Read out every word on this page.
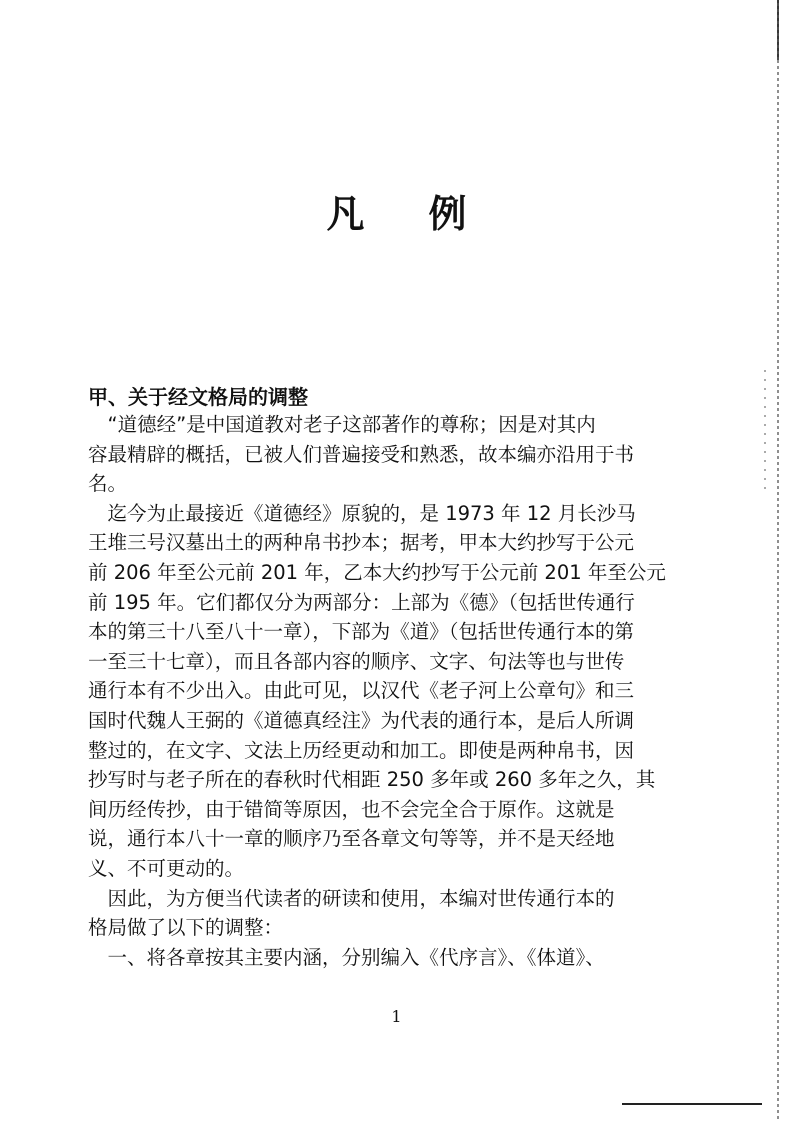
凡 例
甲、关于经文格局的调整
　“道德经”是中国道教对老子这部著作的尊称；因是对其内
容最精辟的概括，已被人们普遍接受和熟悉，故本编亦沿用于书
名。
　迄今为止最接近《道德经》原貌的，是 1973 年 12 月长沙马
王堆三号汉墓出土的两种帛书抄本；据考，甲本大约抄写于公元
前 206 年至公元前 201 年，乙本大约抄写于公元前 201 年至公元
前 195 年。它们都仅分为两部分：上部为《德》（包括世传通行
本的第三十八至八十一章），下部为《道》（包括世传通行本的第
一至三十七章），而且各部内容的顺序、文字、句法等也与世传
通行本有不少出入。由此可见，以汉代《老子河上公章句》和三
国时代魏人王弼的《道德真经注》为代表的通行本，是后人所调
整过的，在文字、文法上历经更动和加工。即使是两种帛书，因
抄写时与老子所在的春秋时代相距 250 多年或 260 多年之久，其
间历经传抄，由于错简等原因，也不会完全合于原作。这就是
说，通行本八十一章的顺序乃至各章文句等等，并不是天经地
义、不可更动的。
　因此，为方便当代读者的研读和使用，本编对世传通行本的
格局做了以下的调整：
　一、将各章按其主要内涵，分别编入《代序言》、《体道》、
1
